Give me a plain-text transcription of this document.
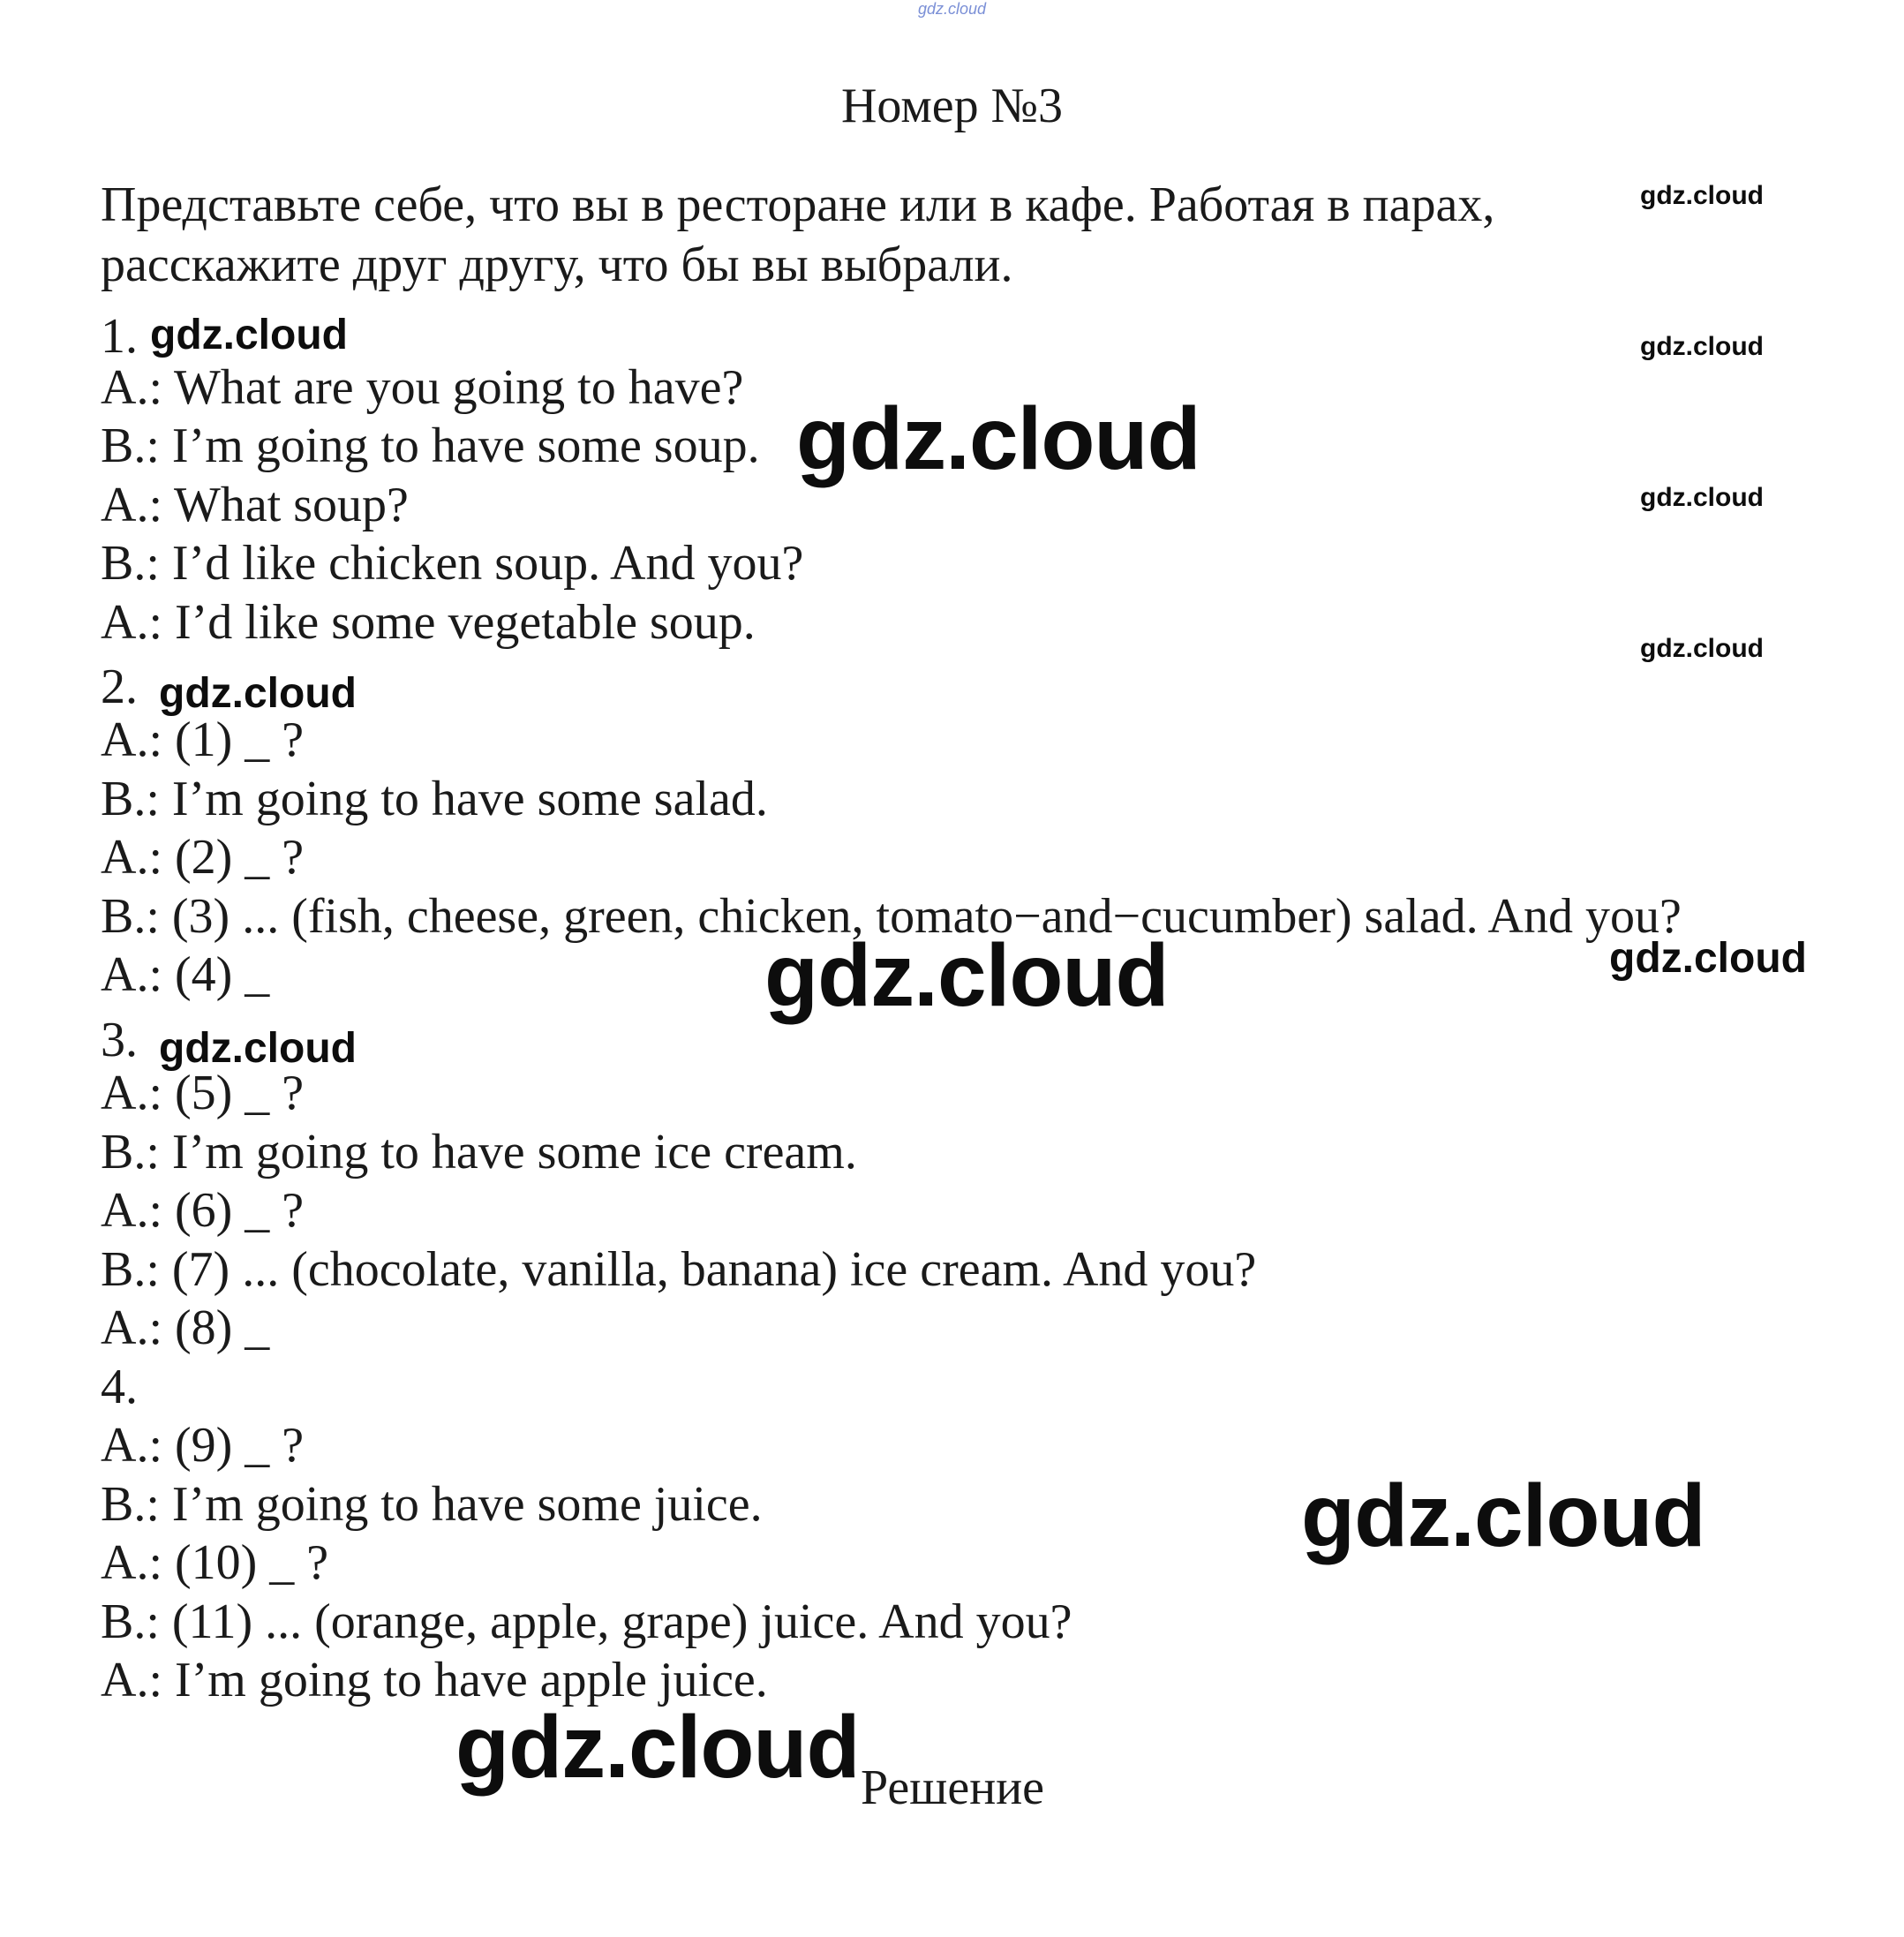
gdz.cloud
Номер №3
Представьте себе, что вы в ресторане или в кафе. Работая в парах, расскажите друг другу, что бы вы выбрали.
1.
A.: What are you going to have?
B.: I’m going to have some soup.
A.: What soup?
B.: I’d like chicken soup. And you?
A.: I’d like some vegetable soup.
2.
A.: (1) _ ?
B.: I’m going to have some salad.
A.: (2) _ ?
B.: (3) ... (fish, cheese, green, chicken, tomato−and−cucumber) salad. And you?
A.: (4) _
3.
A.: (5) _ ?
B.: I’m going to have some ice cream.
A.: (6) _ ?
B.: (7) ... (chocolate, vanilla, banana) ice cream. And you?
A.: (8) _
4.
A.: (9) _ ?
B.: I’m going to have some juice.
A.: (10) _ ?
B.: (11) ... (orange, apple, grape) juice. And you?
A.: I’m going to have apple juice.
gdz.cloud
gdz.cloud
gdz.cloud
gdz.cloud
gdz.cloud
gdz.cloud
gdz.cloud
gdz.cloud	gdz.cloud
gdz.cloud
gdz.cloud
gdz.cloud Решение
